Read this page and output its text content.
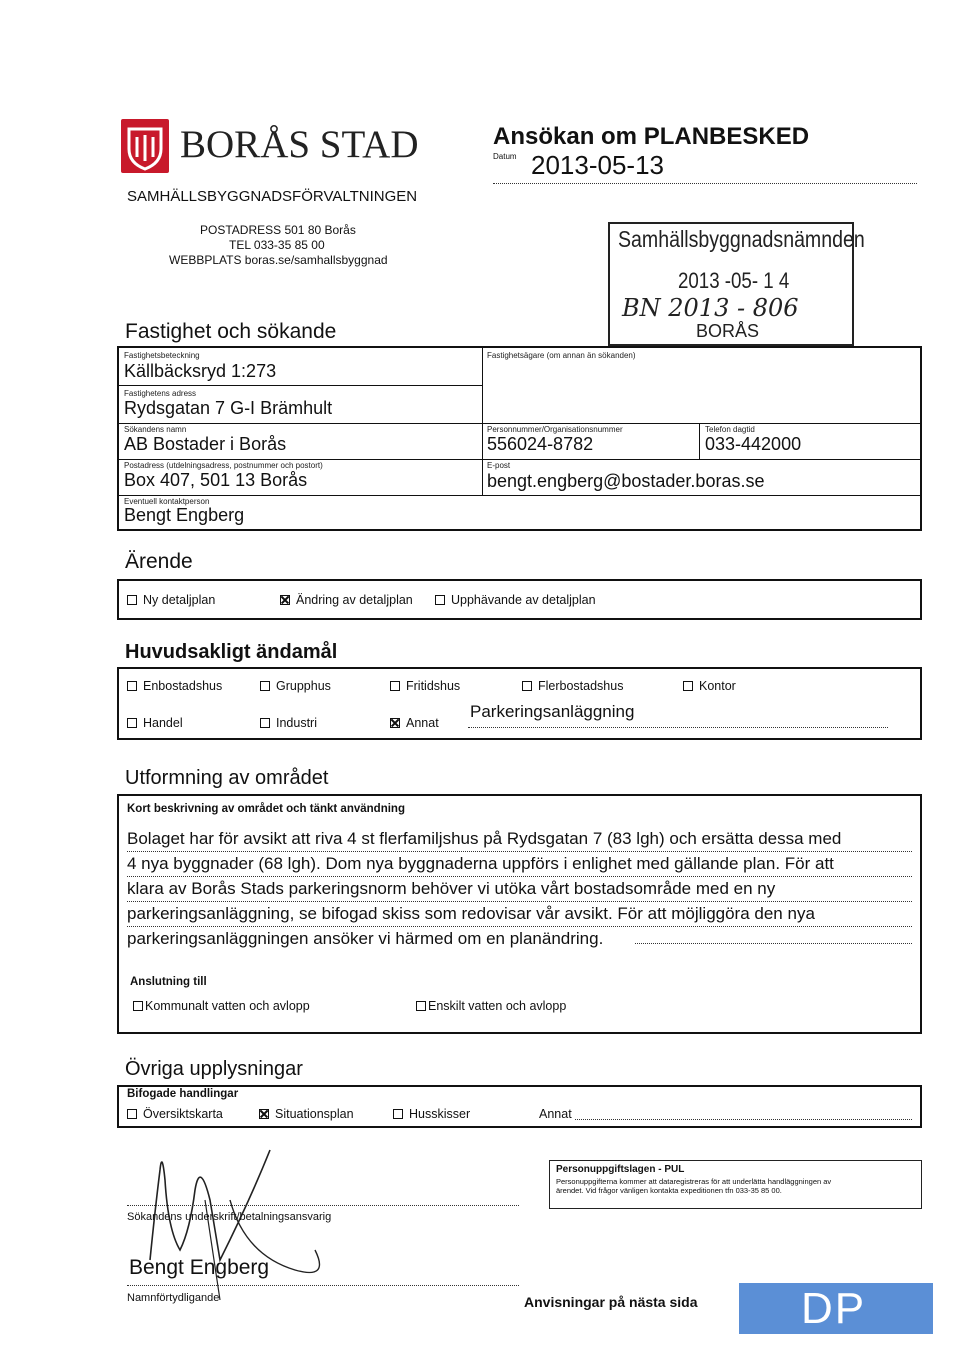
BORÅS STAD
SAMHÄLLSBYGGNADSFÖRVALTNINGEN
POSTADRESS 501 80 Borås
TEL 033-35 85 00
WEBBPLATS boras.se/samhallsbyggnad
Ansökan om PLANBESKED
Datum 2013-05-13
Samhällsbyggnadsnämnden
2013 -05- 1 4
BN 2013 - 806
BORÅS
Fastighet och sökande
Fastighetsbeteckning
Källbäcksryd 1:273
Fastighetsägare (om annan än sökanden)
Fastighetens adress
Rydsgatan 7 G-I Brämhult
Sökandens namn
AB Bostader i Borås
Personnummer/Organisationsnummer
556024-8782
Telefon dagtid
033-442000
Postadress (utdelningsadress, postnummer och postort)
Box 407, 501 13 Borås
E-post
bengt.engberg@bostader.boras.se
Eventuell kontaktperson
Bengt Engberg
Ärende
Ny detaljplan	Ändring av detaljplan	Upphävande av detaljplan
Huvudsakligt ändamål
Enbostadshus	Grupphus	Fritidshus	Flerbostadshus	Kontor
Handel	Industri	Annat
Parkeringsanläggning
Utformning av området
Kort beskrivning av området och tänkt användning
Bolaget har för avsikt att riva 4 st flerfamiljshus på Rydsgatan 7 (83 lgh) och ersätta dessa med
4 nya byggnader (68 lgh). Dom nya byggnaderna uppförs i enlighet med gällande plan. För att
klara av Borås Stads parkeringsnorm behöver vi utöka vårt bostadsområde med en ny
parkeringsanläggning, se bifogad skiss som redovisar vår avsikt. För att möjliggöra den nya
parkeringsanläggningen ansöker vi härmed om en planändring.
Anslutning till
Kommunalt vatten och avlopp	Enskilt vatten och avlopp
Övriga upplysningar
Bifogade handlingar
Översiktskarta	Situationsplan	Husskisser	Annat
Sökandens underskrift/betalningsansvarig
Bengt Engberg
Namnförtydligande
Personuppgiftslagen - PUL
Personuppgifterna kommer att dataregistreras för att underlätta handläggningen av
ärendet. Vid frågor vänligen kontakta expeditionen tfn 033-35 85 00.
Anvisningar på nästa sida DP
